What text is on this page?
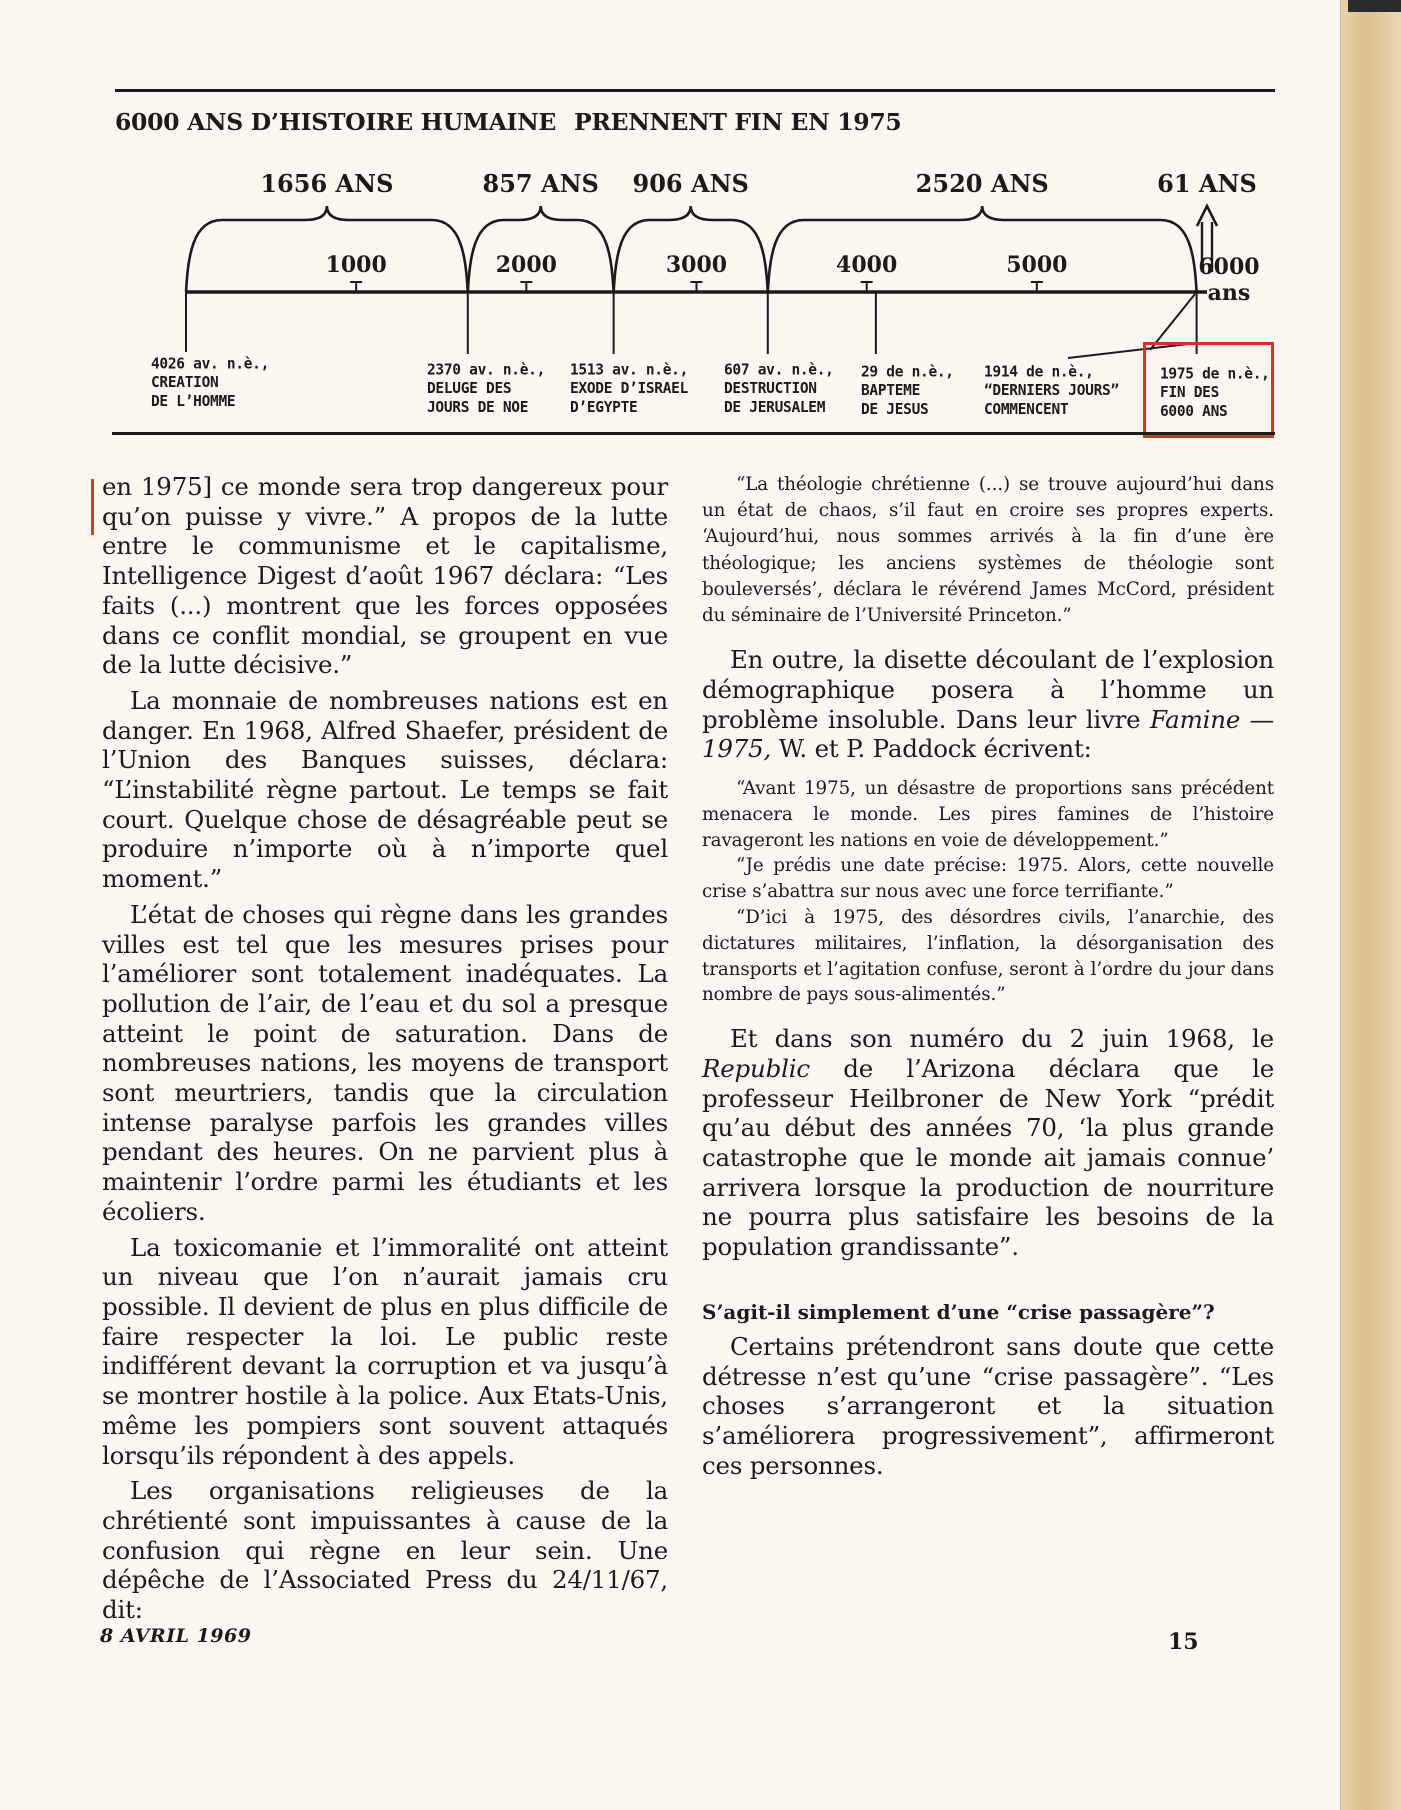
6000 ANS D’HISTOIRE HUMAINE PRENNENT FIN EN 1975
6000
ans
1656 ANS	857 ANS 906 ANS	2520 ANS	61 ANS
1000	2000	3000	4000	5000
4026 av. n.è.,
CREATION
DE L’HOMME
2370 av. n.è.,
DELUGE DES
JOURS DE NOE
1513 av. n.è.,
EXODE D’ISRAEL
D’EGYPTE
607 av. n.è.,
DESTRUCTION
DE JERUSALEM
29 de n.è.,
BAPTEME
DE JESUS
1914 de n.è.,
“DERNIERS JOURS”
COMMENCENT
1975 de n.è.,
FIN DES
6000 ANS

en 1975] ce monde sera trop dangereux pour qu’on puisse y vivre.” A propos de la lutte entre le communisme et le capitalisme, Intelligence Digest d’août 1967 déclara: “Les faits (...) montrent que les forces opposées dans ce conflit mondial, se groupent en vue de la lutte décisive.”

La monnaie de nombreuses nations est en danger. En 1968, Alfred Shaefer, président de l’Union des Banques suisses, déclara: “L’instabilité règne partout. Le temps se fait court. Quelque chose de désagréable peut se produire n’importe où à n’importe quel moment.”

L’état de choses qui règne dans les grandes villes est tel que les mesures prises pour l’améliorer sont totalement inadéquates. La pollution de l’air, de l’eau et du sol a presque atteint le point de saturation. Dans de nombreuses nations, les moyens de transport sont meurtriers, tandis que la circulation intense paralyse parfois les grandes villes pendant des heures. On ne parvient plus à maintenir l’ordre parmi les étudiants et les écoliers.

La toxicomanie et l’immoralité ont atteint un niveau que l’on n’aurait jamais cru possible. Il devient de plus en plus difficile de faire respecter la loi. Le public reste indifférent devant la corruption et va jusqu’à se montrer hostile à la police. Aux Etats-Unis, même les pompiers sont souvent attaqués lorsqu’ils répondent à des appels.

Les organisations religieuses de la chrétienté sont impuissantes à cause de la confusion qui règne en leur sein. Une dépêche de l’Associated Press du 24/11/67, dit:

“La théologie chrétienne (...) se trouve aujourd’hui dans un état de chaos, s’il faut en croire ses propres experts. ‘Aujourd’hui, nous sommes arrivés à la fin d’une ère théologique; les anciens systèmes de théologie sont bouleversés’, déclara le révérend James McCord, président du séminaire de l’Université Princeton.”

En outre, la disette découlant de l’explosion démographique posera à l’homme un problème insoluble. Dans leur livre Famine — 1975, W. et P. Paddock écrivent:

“Avant 1975, un désastre de proportions sans précédent menacera le monde. Les pires famines de l’histoire ravageront les nations en voie de développement.”

“Je prédis une date précise: 1975. Alors, cette nouvelle crise s’abattra sur nous avec une force terrifiante.”

“D’ici à 1975, des désordres civils, l’anarchie, des dictatures militaires, l’inflation, la désorganisation des transports et l’agitation confuse, seront à l’ordre du jour dans nombre de pays sous-alimentés.”

Et dans son numéro du 2 juin 1968, le Republic de l’Arizona déclara que le professeur Heilbroner de New York “prédit qu’au début des années 70, ‘la plus grande catastrophe que le monde ait jamais connue’ arrivera lorsque la production de nourriture ne pourra plus satisfaire les besoins de la population grandissante”.

S’agit-il simplement d’une “crise passagère”?

Certains prétendront sans doute que cette détresse n’est qu’une “crise passagère”. “Les choses s’arrangeront et la situation s’améliorera progressivement”, affirmeront ces personnes.

8 AVRIL 1969	15
